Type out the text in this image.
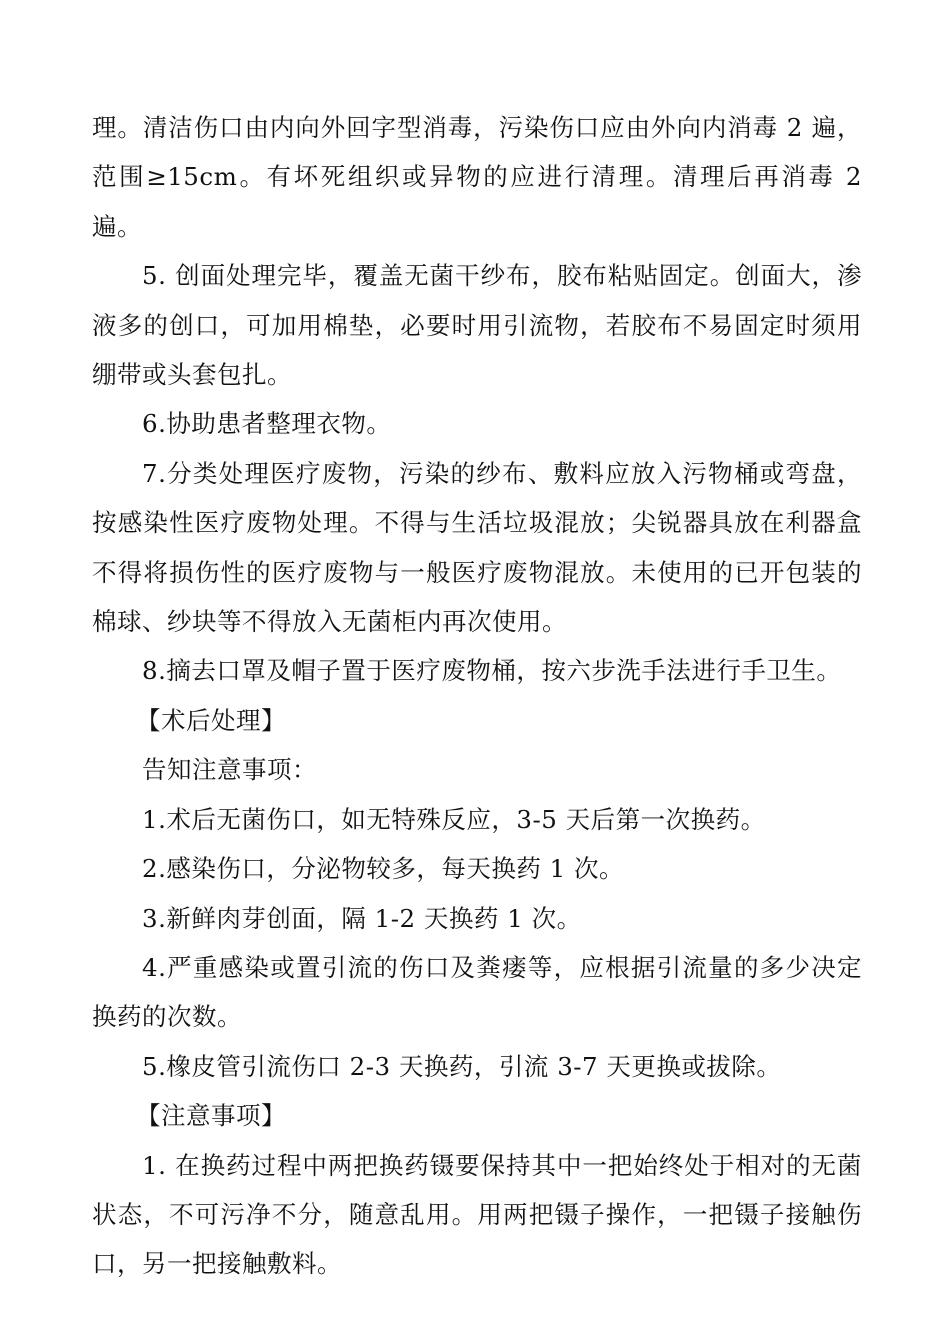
理。清洁伤口由内向外回字型消毒，污染伤口应由外向内消毒 2 遍，范围≥15cm。有坏死组织或异物的应进行清理。清理后再消毒 2 遍。

5. 创面处理完毕，覆盖无菌干纱布，胶布粘贴固定。创面大，渗液多的创口，可加用棉垫，必要时用引流物，若胶布不易固定时须用绷带或头套包扎。

6.协助患者整理衣物。

7.分类处理医疗废物，污染的纱布、敷料应放入污物桶或弯盘，按感染性医疗废物处理。不得与生活垃圾混放；尖锐器具放在利器盒不得将损伤性的医疗废物与一般医疗废物混放。未使用的已开包装的棉球、纱块等不得放入无菌柜内再次使用。

8.摘去口罩及帽子置于医疗废物桶，按六步洗手法进行手卫生。

【术后处理】

告知注意事项：

1.术后无菌伤口，如无特殊反应，3-5 天后第一次换药。

2.感染伤口，分泌物较多，每天换药 1 次。

3.新鲜肉芽创面，隔 1-2 天换药 1 次。

4.严重感染或置引流的伤口及粪瘘等，应根据引流量的多少决定换药的次数。

5.橡皮管引流伤口 2-3 天换药，引流 3-7 天更换或拔除。

【注意事项】

1. 在换药过程中两把换药镊要保持其中一把始终处于相对的无菌状态，不可污净不分，随意乱用。用两把镊子操作，一把镊子接触伤口，另一把接触敷料。
